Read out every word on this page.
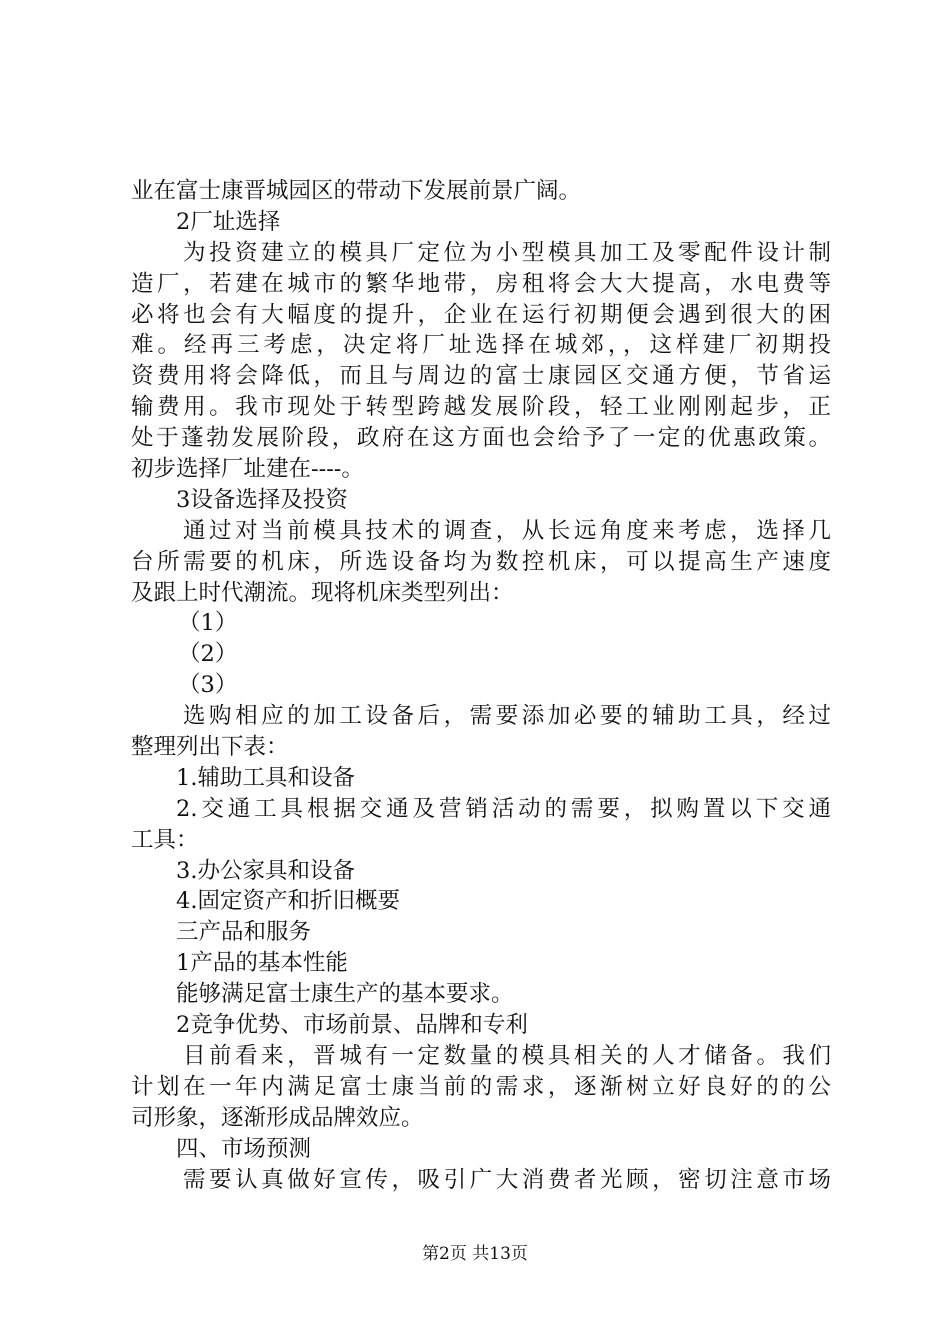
业在富士康晋城园区的带动下发展前景广阔。
2厂址选择
为投资建立的模具厂定位为小型模具加工及零配件设计制
造厂，若建在城市的繁华地带，房租将会大大提高，水电费等
必将也会有大幅度的提升，企业在运行初期便会遇到很大的困
难。经再三考虑，决定将厂址选择在城郊，，这样建厂初期投
资费用将会降低，而且与周边的富士康园区交通方便，节省运
输费用。我市现处于转型跨越发展阶段，轻工业刚刚起步，正
处于蓬勃发展阶段，政府在这方面也会给予了一定的优惠政策。
初步选择厂址建在----。
3设备选择及投资
通过对当前模具技术的调查，从长远角度来考虑，选择几
台所需要的机床，所选设备均为数控机床，可以提高生产速度
及跟上时代潮流。现将机床类型列出：
（1）
（2）
（3）
选购相应的加工设备后，需要添加必要的辅助工具，经过
整理列出下表：
1.辅助工具和设备
2.交通工具根据交通及营销活动的需要，拟购置以下交通
工具：
3.办公家具和设备
4.固定资产和折旧概要
三产品和服务
1产品的基本性能
能够满足富士康生产的基本要求。
2竞争优势、市场前景、品牌和专利
目前看来，晋城有一定数量的模具相关的人才储备。我们
计划在一年内满足富士康当前的需求，逐渐树立好良好的的公
司形象，逐渐形成品牌效应。
四、市场预测
需要认真做好宣传，吸引广大消费者光顾，密切注意市场
第2页 共13页
